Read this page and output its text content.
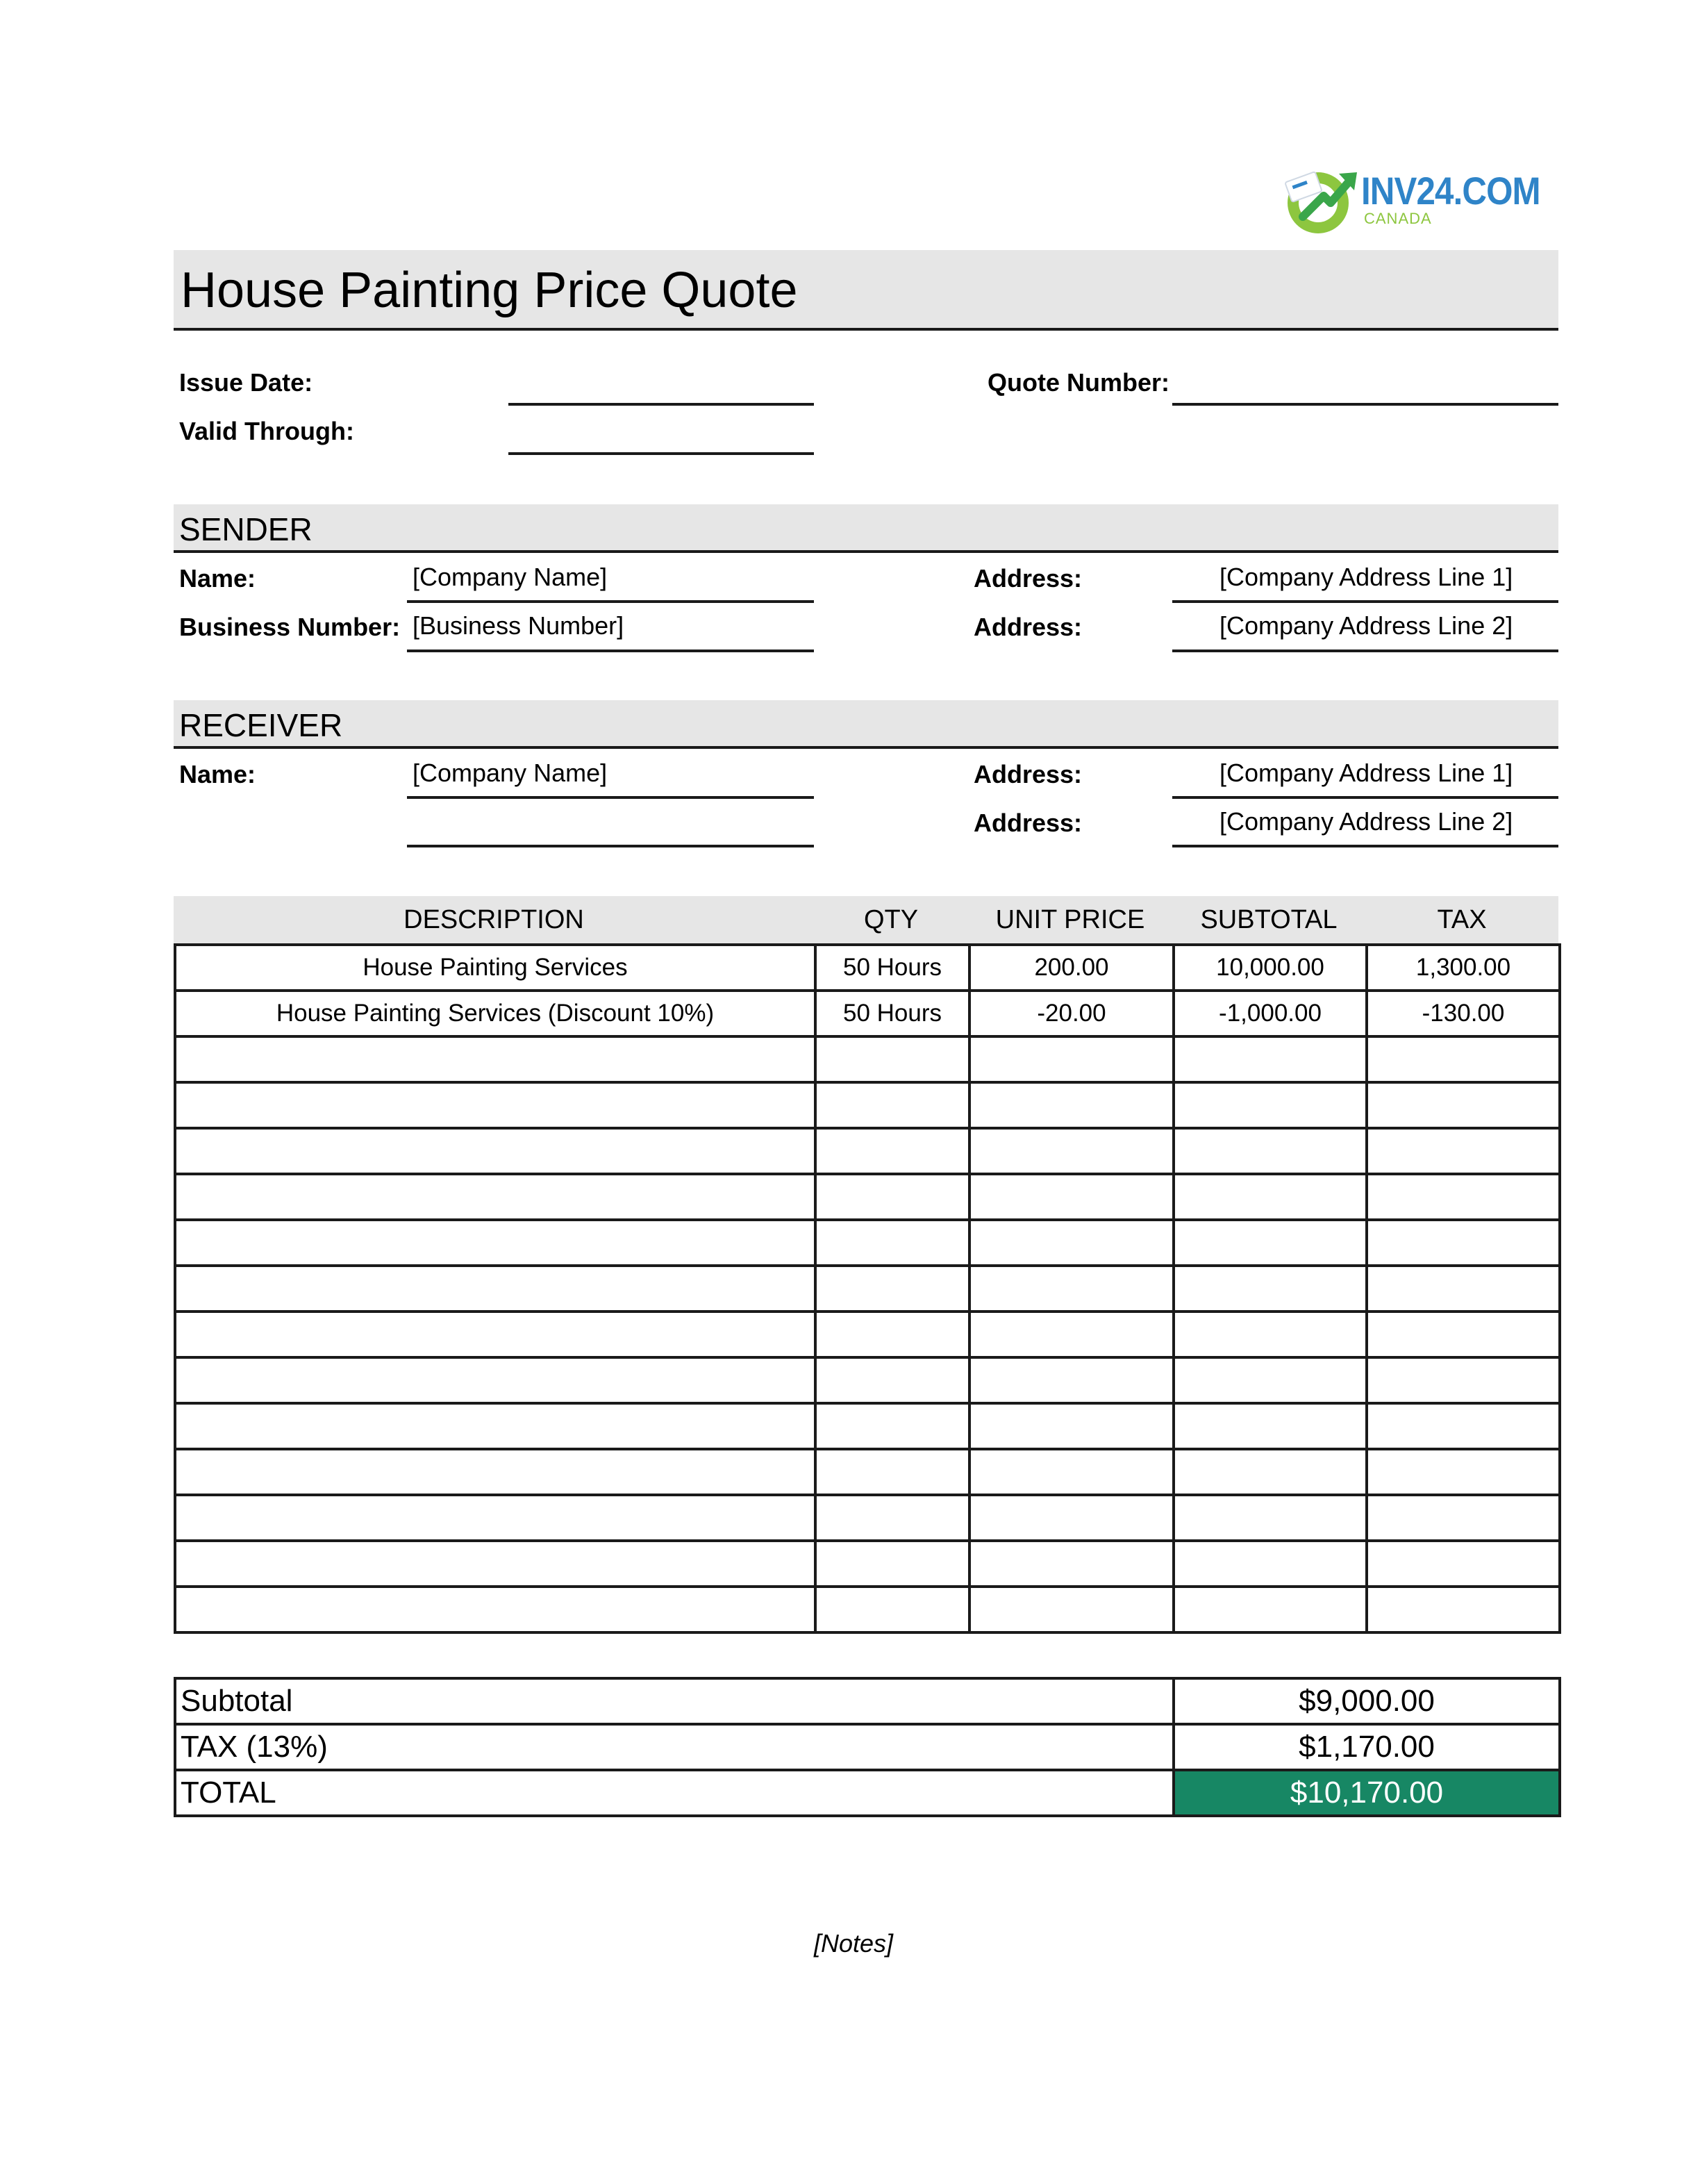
INV24.COM
CANADA
House Painting Price Quote
Issue Date:
Valid Through:
Quote Number:
SENDER
Name:	[Company Name]
Business Number: [Business Number]
Address:	[Company Address Line 1]
Address:	[Company Address Line 2]
RECEIVER
Name:	[Company Name]	Address:	[Company Address Line 1]
Address:	[Company Address Line 2]
DESCRIPTION	QTY	UNIT PRICE	SUBTOTAL	TAX
House Painting Services	50 Hours	200.00	10,000.00	1,300.00
House Painting Services (Discount 10%)	50 Hours	-20.00	-1,000.00	-130.00

Subtotal	$9,000.00
TAX (13%)	$1,170.00
TOTAL	$10,170.00
[Notes]
